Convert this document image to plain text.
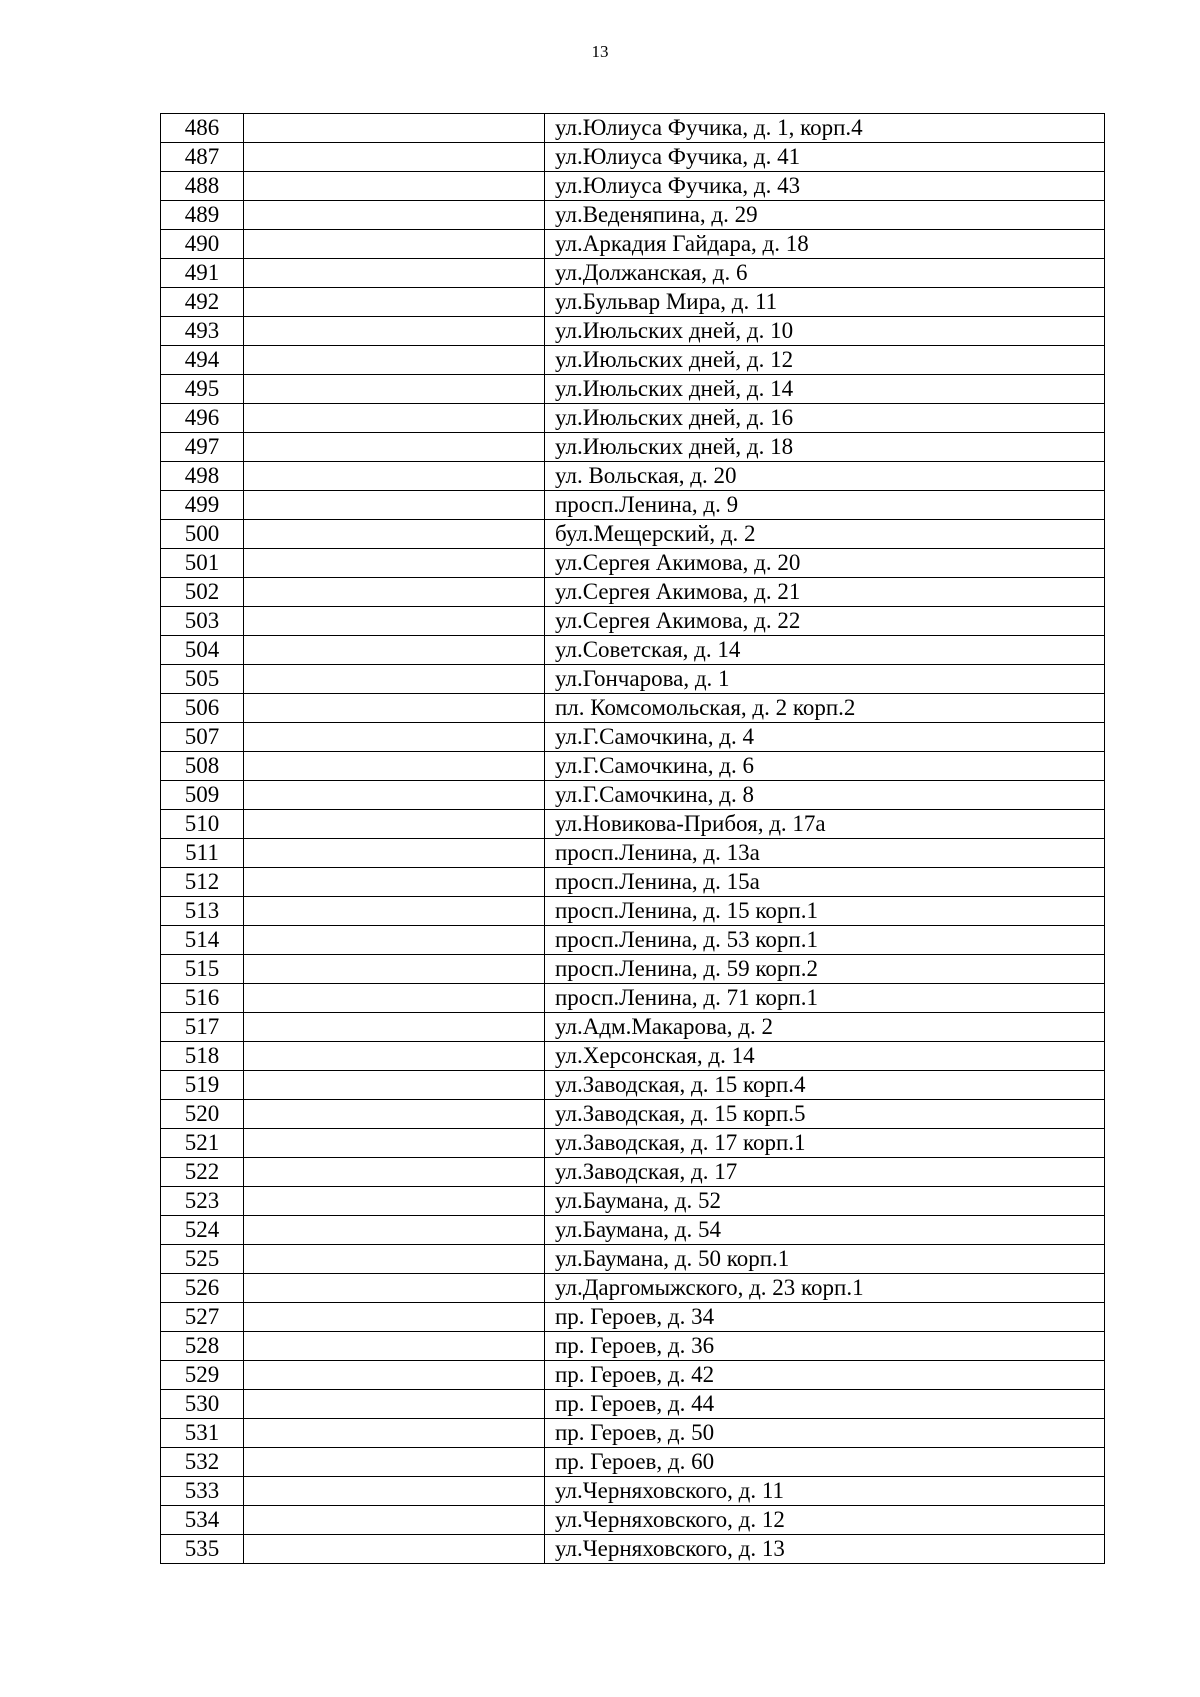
13
486		ул.Юлиуса Фучика, д. 1, корп.4
487		ул.Юлиуса Фучика, д. 41
488		ул.Юлиуса Фучика, д. 43
489		ул.Веденяпина, д. 29
490		ул.Аркадия Гайдара, д. 18
491		ул.Должанская, д. 6
492		ул.Бульвар Мира, д. 11
493		ул.Июльских дней, д. 10
494		ул.Июльских дней, д. 12
495		ул.Июльских дней, д. 14
496		ул.Июльских дней, д. 16
497		ул.Июльских дней, д. 18
498		ул. Вольская, д. 20
499		просп.Ленина, д. 9
500		бул.Мещерский, д. 2
501		ул.Сергея Акимова, д. 20
502		ул.Сергея Акимова, д. 21
503		ул.Сергея Акимова, д. 22
504		ул.Советская, д. 14
505		ул.Гончарова, д. 1
506		пл. Комсомольская, д. 2 корп.2
507		ул.Г.Самочкина, д. 4
508		ул.Г.Самочкина, д. 6
509		ул.Г.Самочкина, д. 8
510		ул.Новикова-Прибоя, д. 17а
511		просп.Ленина, д. 13а
512		просп.Ленина, д. 15а
513		просп.Ленина, д. 15 корп.1
514		просп.Ленина, д. 53 корп.1
515		просп.Ленина, д. 59 корп.2
516		просп.Ленина, д. 71 корп.1
517		ул.Адм.Макарова, д. 2
518		ул.Херсонская, д. 14
519		ул.Заводская, д. 15 корп.4
520		ул.Заводская, д. 15 корп.5
521		ул.Заводская, д. 17 корп.1
522		ул.Заводская, д. 17
523		ул.Баумана, д. 52
524		ул.Баумана, д. 54
525		ул.Баумана, д. 50 корп.1
526		ул.Даргомыжского, д. 23 корп.1
527		пр. Героев, д. 34
528		пр. Героев, д. 36
529		пр. Героев, д. 42
530		пр. Героев, д. 44
531		пр. Героев, д. 50
532		пр. Героев, д. 60
533		ул.Черняховского, д. 11
534		ул.Черняховского, д. 12
535		ул.Черняховского, д. 13
